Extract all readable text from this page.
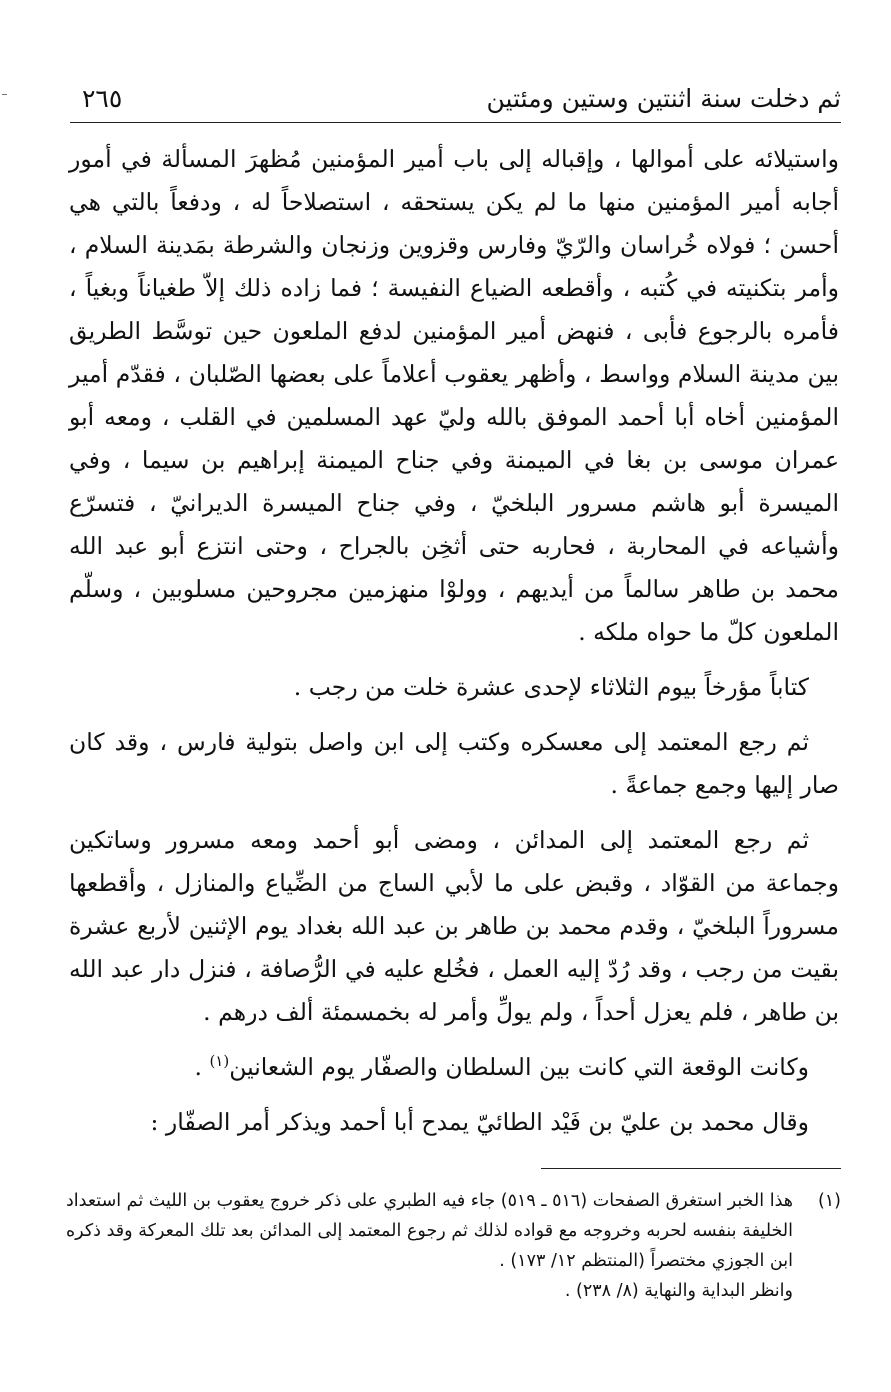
ثم دخلت سنة اثنتين وستين ومئتين
٢٦٥

واستيلائه على أموالها ، وإقباله إلى باب أمير المؤمنين مُظهرَ المسألة في أمور أجابه أمير المؤمنين منها ما لم يكن يستحقه ، استصلاحاً له ، ودفعاً بالتي هي أحسن ؛ فولاه خُراسان والرّيّ وفارس وقزوين وزنجان والشرطة بمَدينة السلام ، وأمر بتكنيته في كُتبه ، وأقطعه الضياع النفيسة ؛ فما زاده ذلك إلاّ طغياناً وبغياً ، فأمره بالرجوع فأبى ، فنهض أمير المؤمنين لدفع الملعون حين توسَّط الطريق بين مدينة السلام وواسط ، وأظهر يعقوب أعلاماً على بعضها الصّلبان ، فقدّم أمير المؤمنين أخاه أبا أحمد الموفق بالله وليّ عهد المسلمين في القلب ، ومعه أبو عمران موسى بن بغا في الميمنة وفي جناح الميمنة إبراهيم بن سيما ، وفي الميسرة أبو هاشم مسرور البلخيّ ، وفي جناح الميسرة الديرانيّ ، فتسرّع وأشياعه في المحاربة ، فحاربه حتى أثخِن بالجراح ، وحتى انتزع أبو عبد الله محمد بن طاهر سالماً من أيديهم ، وولوْا منهزمين مجروحين مسلوبين ، وسلّم الملعون كلّ ما حواه ملكه .

كتاباً مؤرخاً بيوم الثلاثاء لإحدى عشرة خلت من رجب .

ثم رجع المعتمد إلى معسكره وكتب إلى ابن واصل بتولية فارس ، وقد كان صار إليها وجمع جماعةً .

ثم رجع المعتمد إلى المدائن ، ومضى أبو أحمد ومعه مسرور وساتكين وجماعة من القوّاد ، وقبض على ما لأبي الساج من الضِّياع والمنازل ، وأقطعها مسروراً البلخيّ ، وقدم محمد بن طاهر بن عبد الله بغداد يوم الإثنين لأربع عشرة بقيت من رجب ، وقد رُدّ إليه العمل ، فخُلع عليه في الرُّصافة ، فنزل دار عبد الله بن طاهر ، فلم يعزل أحداً ، ولم يولِّ وأمر له بخمسمئة ألف درهم .

وكانت الوقعة التي كانت بين السلطان والصفّار يوم الشعانين$^{(١)}$ .

وقال محمد بن عليّ بن فَيْد الطائيّ يمدح أبا أحمد ويذكر أمر الصفّار :

(١)
هذا الخبر استغرق الصفحات (٥١٦ ـ ٥١٩) جاء فيه الطبري على ذكر خروج يعقوب بن الليث ثم استعداد الخليفة بنفسه لحربه وخروجه مع قواده لذلك ثم رجوع المعتمد إلى المدائن بعد تلك المعركة وقد ذكره ابن الجوزي مختصراً (المنتظم ١٢/ ١٧٣) .
وانظر البداية والنهاية (٨/ ٢٣٨) .
